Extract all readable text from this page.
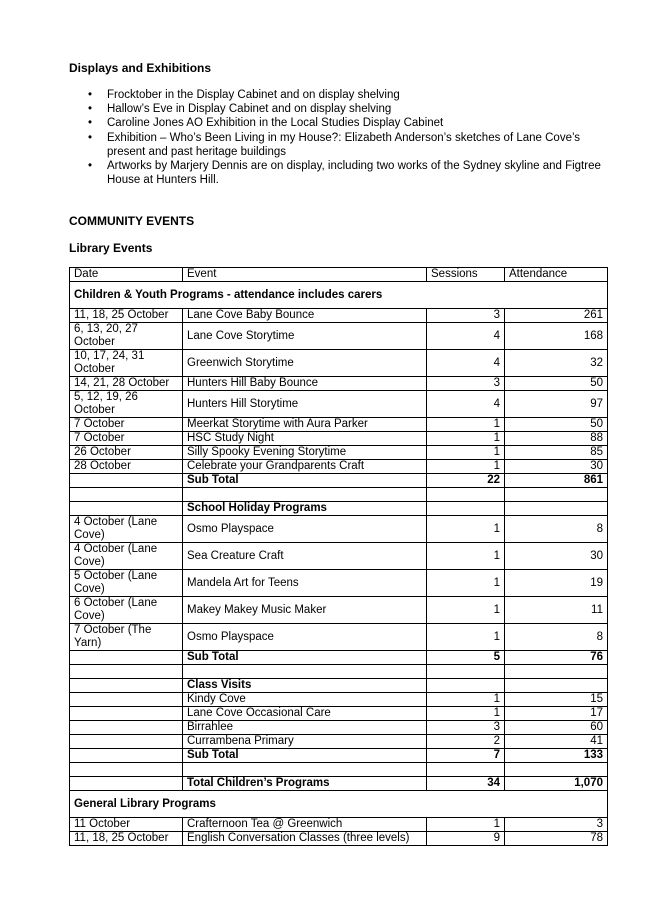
Displays and Exhibitions
• Frocktober in the Display Cabinet and on display shelving
• Hallow’s Eve in Display Cabinet and on display shelving
• Caroline Jones AO Exhibition in the Local Studies Display Cabinet
• Exhibition – Who’s Been Living in my House?: Elizabeth Anderson’s sketches of Lane Cove’s present and past heritage buildings
• Artworks by Marjery Dennis are on display, including two works of the Sydney skyline and Figtree House at Hunters Hill.
COMMUNITY EVENTS
Library Events
Date	Event	Sessions	Attendance
Children & Youth Programs - attendance includes carers			
11, 18, 25 October	Lane Cove Baby Bounce	3	261
6, 13, 20, 27 October	Lane Cove Storytime	4	168
10, 17, 24, 31 October	Greenwich Storytime	4	32
14, 21, 28 October	Hunters Hill Baby Bounce	3	50
5, 12, 19, 26 October	Hunters Hill Storytime	4	97
7 October	Meerkat Storytime with Aura Parker	1	50
7 October	HSC Study Night	1	88
26 October	Silly Spooky Evening Storytime	1	85
28 October	Celebrate your Grandparents Craft	1	30
	Sub Total	22	861

	School Holiday Programs		
4 October (Lane Cove)	Osmo Playspace	1	8
4 October (Lane Cove)	Sea Creature Craft	1	30
5 October (Lane Cove)	Mandela Art for Teens	1	19
6 October (Lane Cove)	Makey Makey Music Maker	1	11
7 October (The Yarn)	Osmo Playspace	1	8
	Sub Total	5	76

	Class Visits		
	Kindy Cove	1	15
	Lane Cove Occasional Care	1	17
	Birrahlee	3	60
	Currambena Primary	2	41
	Sub Total	7	133

	Total Children’s Programs	34	1,070
General Library Programs			
11 October	Crafternoon Tea @ Greenwich	1	3
11, 18, 25 October	English Conversation Classes (three levels)	9	78
